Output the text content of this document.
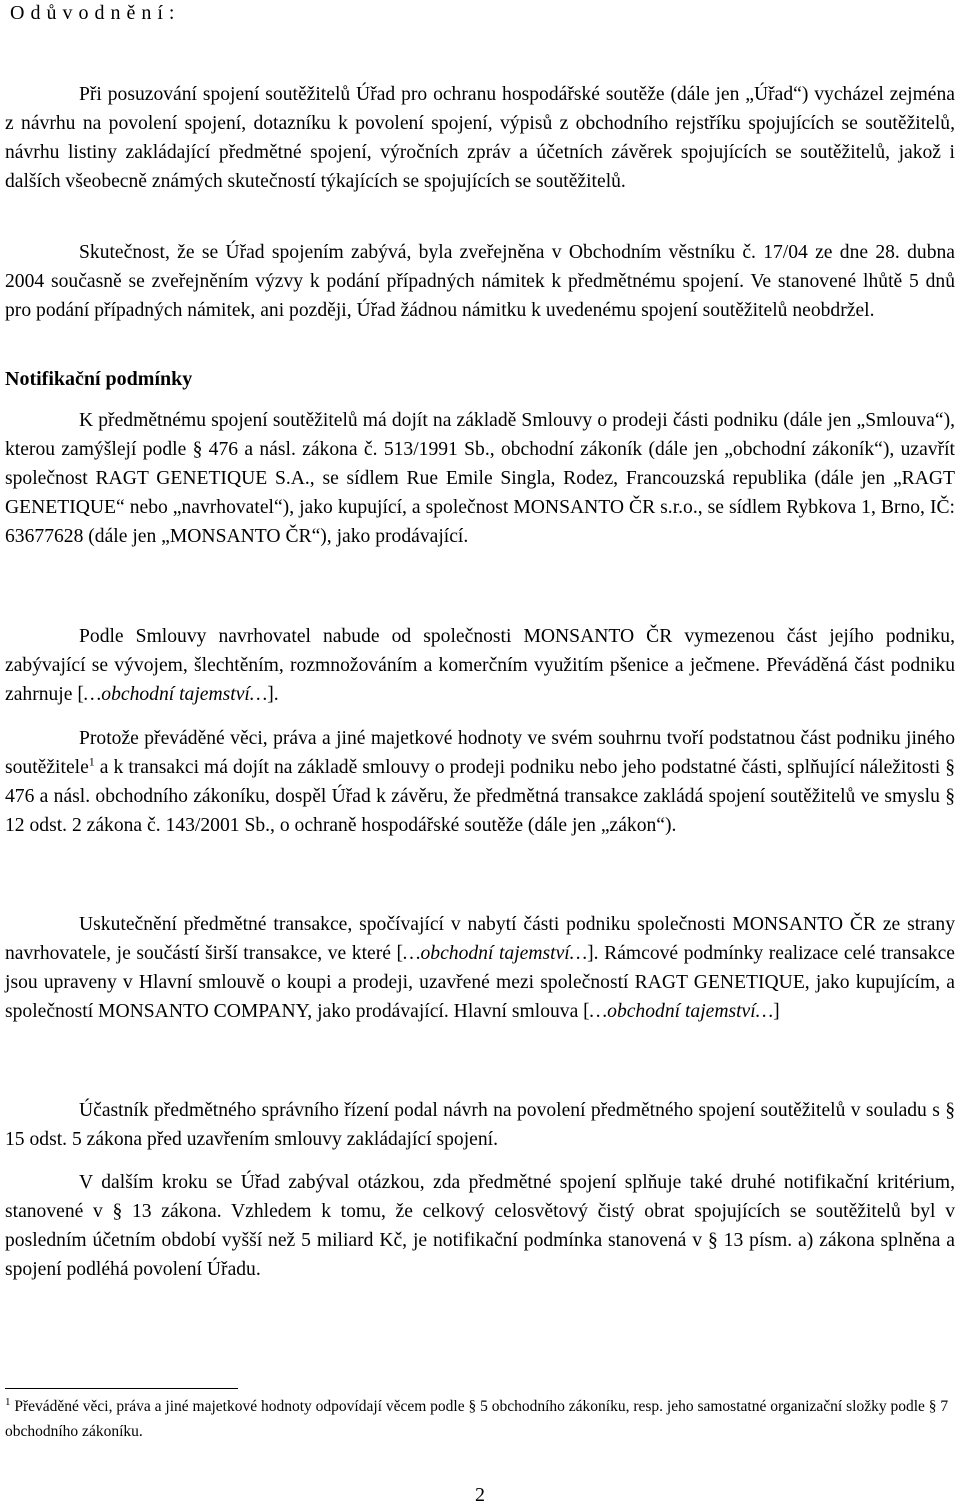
O d ů v o d n ě n í :

Při posuzování spojení soutěžitelů Úřad pro ochranu hospodářské soutěže (dále jen „Úřad“) vycházel zejména z návrhu na povolení spojení, dotazníku k povolení spojení, výpisů z obchodního rejstříku spojujících se soutěžitelů, návrhu listiny zakládající předmětné spojení, výročních zpráv a účetních závěrek spojujících se soutěžitelů, jakož i dalších všeobecně známých skutečností týkajících se spojujících se soutěžitelů.

Skutečnost, že se Úřad spojením zabývá, byla zveřejněna v Obchodním věstníku č. 17/04 ze dne 28. dubna 2004 současně se zveřejněním výzvy k podání případných námitek k předmětnému spojení. Ve stanovené lhůtě 5 dnů pro podání případných námitek, ani později, Úřad žádnou námitku k uvedenému spojení soutěžitelů neobdržel.

Notifikační podmínky

K předmětnému spojení soutěžitelů má dojít na základě Smlouvy o prodeji části podniku (dále jen „Smlouva“), kterou zamýšlejí podle § 476 a násl. zákona č. 513/1991 Sb., obchodní zákoník (dále jen „obchodní zákoník“), uzavřít společnost RAGT GENETIQUE S.A., se sídlem Rue Emile Singla, Rodez, Francouzská republika (dále jen „RAGT GENETIQUE“ nebo „navrhovatel“), jako kupující, a společnost MONSANTO ČR s.r.o., se sídlem Rybkova 1, Brno, IČ: 63677628 (dále jen „MONSANTO ČR“), jako prodávající.

Podle Smlouvy navrhovatel nabude od společnosti MONSANTO ČR vymezenou část jejího podniku, zabývající se vývojem, šlechtěním, rozmnožováním a komerčním využitím pšenice a ječmene. Převáděná část podniku zahrnuje […obchodní tajemství…].

Protože převáděné věci, práva a jiné majetkové hodnoty ve svém souhrnu tvoří podstatnou část podniku jiného soutěžitele$^1$ a k transakci má dojít na základě smlouvy o prodeji podniku nebo jeho podstatné části, splňující náležitosti § 476 a násl. obchodního zákoníku, dospěl Úřad k závěru, že předmětná transakce zakládá spojení soutěžitelů ve smyslu § 12 odst. 2 zákona č. 143/2001 Sb., o ochraně hospodářské soutěže (dále jen „zákon“).

Uskutečnění předmětné transakce, spočívající v nabytí části podniku společnosti MONSANTO ČR ze strany navrhovatele, je součástí širší transakce, ve které […obchodní tajemství…]. Rámcové podmínky realizace celé transakce jsou upraveny v Hlavní smlouvě o koupi a prodeji, uzavřené mezi společností RAGT GENETIQUE, jako kupujícím, a společností MONSANTO COMPANY, jako prodávající. Hlavní smlouva […obchodní tajemství…]

Účastník předmětného správního řízení podal návrh na povolení předmětného spojení soutěžitelů v souladu s § 15 odst. 5 zákona před uzavřením smlouvy zakládající spojení.

V dalším kroku se Úřad zabýval otázkou, zda předmětné spojení splňuje také druhé notifikační kritérium, stanovené v § 13 zákona. Vzhledem k tomu, že celkový celosvětový čistý obrat spojujících se soutěžitelů byl v posledním účetním období vyšší než 5 miliard Kč, je notifikační podmínka stanovená v § 13 písm. a) zákona splněna a spojení podléhá povolení Úřadu.

$^1$ Převáděné věci, práva a jiné majetkové hodnoty odpovídají věcem podle § 5 obchodního zákoníku, resp. jeho samostatné organizační složky podle § 7 obchodního zákoníku.

2
